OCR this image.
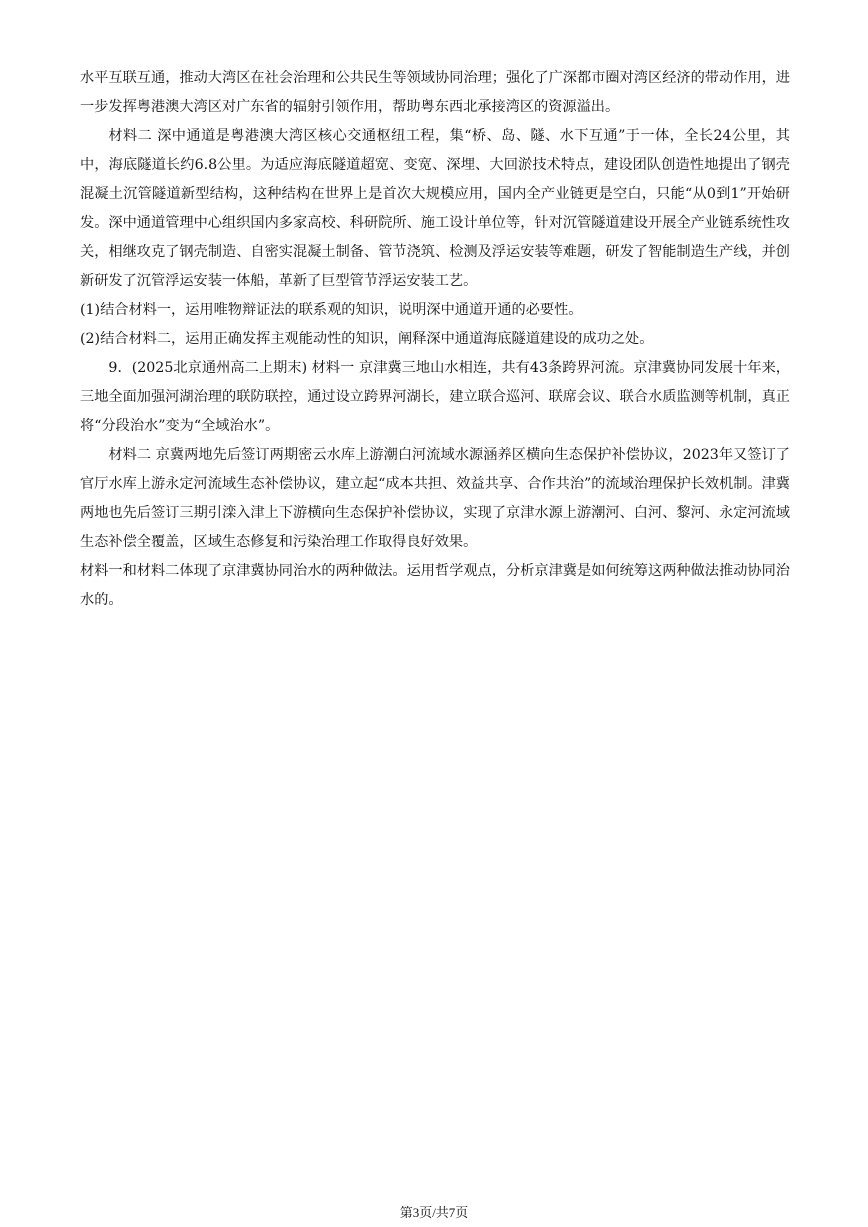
水平互联互通，推动大湾区在社会治理和公共民生等领域协同治理；强化了广深都市圈对湾区经济的带动作用，进一步发挥粤港澳大湾区对广东省的辐射引领作用，帮助粤东西北承接湾区的资源溢出。

材料二 深中通道是粤港澳大湾区核心交通枢纽工程，集“桥、岛、隧、水下互通”于一体，全长24公里，其中，海底隧道长约6.8公里。为适应海底隧道超宽、变宽、深埋、大回淤技术特点，建设团队创造性地提出了钢壳混凝土沉管隧道新型结构，这种结构在世界上是首次大规模应用，国内全产业链更是空白，只能“从0到1”开始研发。深中通道管理中心组织国内多家高校、科研院所、施工设计单位等，针对沉管隧道建设开展全产业链系统性攻关，相继攻克了钢壳制造、自密实混凝土制备、管节浇筑、检测及浮运安装等难题，研发了智能制造生产线，并创新研发了沉管浮运安装一体船，革新了巨型管节浮运安装工艺。

(1)结合材料一，运用唯物辩证法的联系观的知识，说明深中通道开通的必要性。

(2)结合材料二，运用正确发挥主观能动性的知识，阐释深中通道海底隧道建设的成功之处。

9．(2025北京通州高二上期末) 材料一 京津冀三地山水相连，共有43条跨界河流。京津冀协同发展十年来，三地全面加强河湖治理的联防联控，通过设立跨界河湖长，建立联合巡河、联席会议、联合水质监测等机制，真正将“分段治水”变为“全域治水”。

材料二 京冀两地先后签订两期密云水库上游潮白河流域水源涵养区横向生态保护补偿协议，2023年又签订了官厅水库上游永定河流域生态补偿协议，建立起“成本共担、效益共享、合作共治”的流域治理保护长效机制。津冀两地也先后签订三期引滦入津上下游横向生态保护补偿协议，实现了京津水源上游潮河、白河、黎河、永定河流域生态补偿全覆盖，区域生态修复和污染治理工作取得良好效果。

材料一和材料二体现了京津冀协同治水的两种做法。运用哲学观点，分析京津冀是如何统筹这两种做法推动协同治水的。

第3页/共7页
